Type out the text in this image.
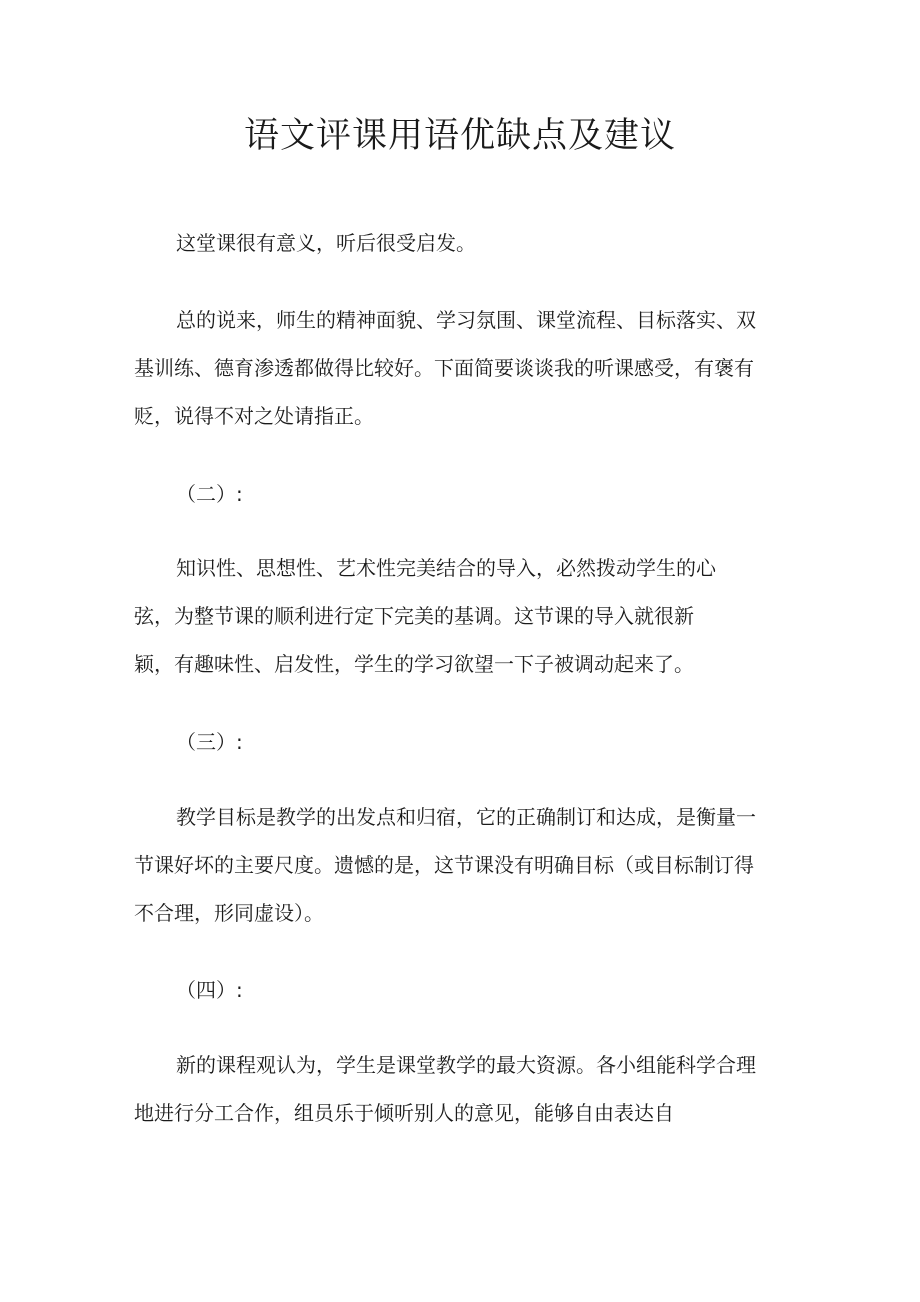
语文评课用语优缺点及建议

这堂课很有意义，听后很受启发。

总的说来，师生的精神面貌、学习氛围、课堂流程、目标落实、双
基训练、德育渗透都做得比较好。下面简要谈谈我的听课感受，有褒有
贬，说得不对之处请指正。

（二）:

知识性、思想性、艺术性完美结合的导入，必然拨动学生的心
弦，为整节课的顺利进行定下完美的基调。这节课的导入就很新
颖，有趣味性、启发性，学生的学习欲望一下子被调动起来了。

（三）:

教学目标是教学的出发点和归宿，它的正确制订和达成，是衡量一
节课好坏的主要尺度。遗憾的是，这节课没有明确目标（或目标制订得
不合理，形同虚设）。

（四）:

新的课程观认为，学生是课堂教学的最大资源。各小组能科学合理
地进行分工合作，组员乐于倾听别人的意见，能够自由表达自
